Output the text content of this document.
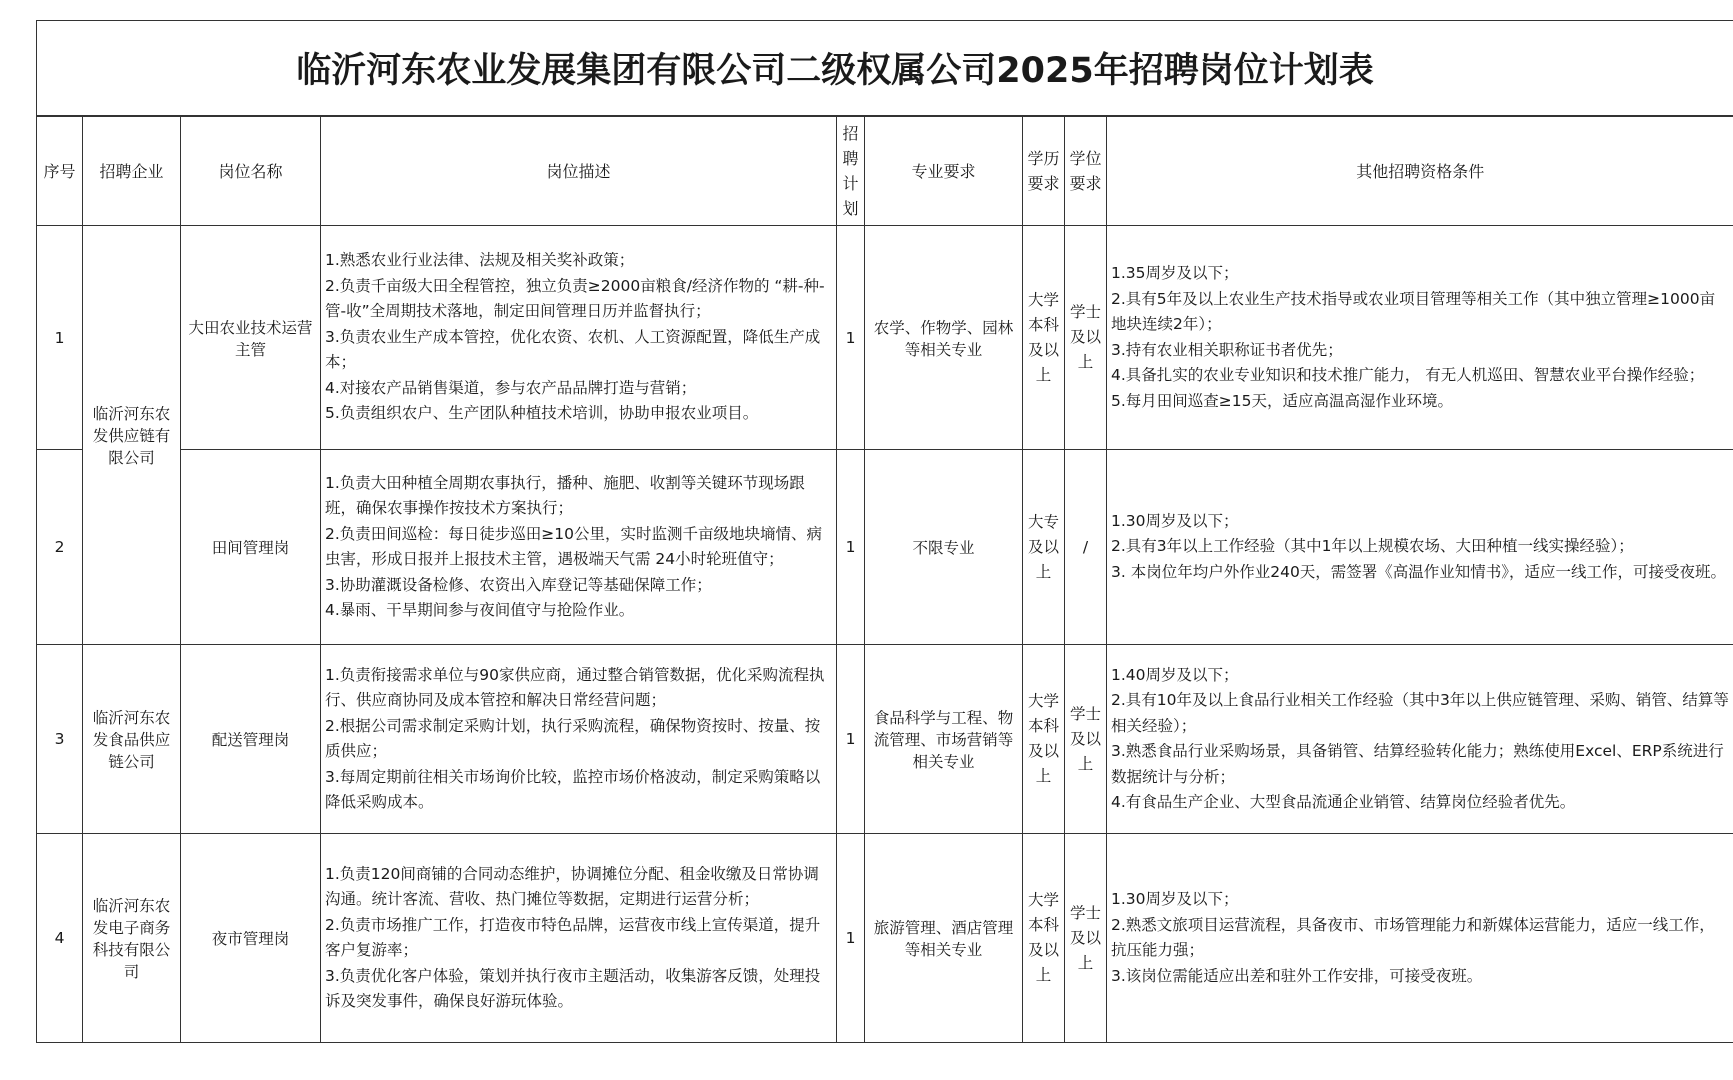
临沂河东农业发展集团有限公司二级权属公司2025年招聘岗位计划表
序号	招聘企业	岗位名称	岗位描述	招聘计划	专业要求	学历要求	学位要求	其他招聘资格条件
1	临沂河东农发供应链有限公司	大田农业技术运营主管	1.熟悉农业行业法律、法规及相关奖补政策；
2.负责千亩级大田全程管控，独立负责≥2000亩粮食/经济作物的 “耕-种-管-收”全周期技术落地，制定田间管理日历并监督执行；
3.负责农业生产成本管控，优化农资、农机、人工资源配置，降低生产成本；
4.对接农产品销售渠道，参与农产品品牌打造与营销；
5.负责组织农户、生产团队种植技术培训，协助申报农业项目。	1	农学、作物学、园林等相关专业	大学本科及以上	学士及以上	1.35周岁及以下；
2.具有5年及以上农业生产技术指导或农业项目管理等相关工作（其中独立管理≥1000亩地块连续2年）；
3.持有农业相关职称证书者优先；
4.具备扎实的农业专业知识和技术推广能力， 有无人机巡田、智慧农业平台操作经验；
5.每月田间巡查≥15天，适应高温高湿作业环境。

2		田间管理岗	1.负责大田种植全周期农事执行，播种、施肥、收割等关键环节现场跟班，确保农事操作按技术方案执行；
2.负责田间巡检：每日徒步巡田≥10公里，实时监测千亩级地块墒情、病虫害，形成日报并上报技术主管，遇极端天气需 24小时轮班值守；
3.协助灌溉设备检修、农资出入库登记等基础保障工作；
4.暴雨、干旱期间参与夜间值守与抢险作业。	1	不限专业	大专及以上	/	1.30周岁及以下；
2.具有3年以上工作经验（其中1年以上规模农场、大田种植一线实操经验）；
3. 本岗位年均户外作业240天，需签署《高温作业知情书》，适应一线工作，可接受夜班。

3	临沂河东农发食品供应链公司	配送管理岗	1.负责衔接需求单位与90家供应商，通过整合销管数据，优化采购流程执行、供应商协同及成本管控和解决日常经营问题；
2.根据公司需求制定采购计划，执行采购流程，确保物资按时、按量、按质供应；
3.每周定期前往相关市场询价比较，监控市场价格波动，制定采购策略以降低采购成本。	1	食品科学与工程、物流管理、市场营销等相关专业	大学本科及以上	学士及以上	1.40周岁及以下；
2.具有10年及以上食品行业相关工作经验（其中3年以上供应链管理、采购、销管、结算等相关经验）；
3.熟悉食品行业采购场景，具备销管、结算经验转化能力；熟练使用Excel、ERP系统进行数据统计与分析；
4.有食品生产企业、大型食品流通企业销管、结算岗位经验者优先。

4	临沂河东农发电子商务科技有限公司	夜市管理岗	1.负责120间商铺的合同动态维护，协调摊位分配、租金收缴及日常协调沟通。统计客流、营收、热门摊位等数据，定期进行运营分析；
2.负责市场推广工作，打造夜市特色品牌，运营夜市线上宣传渠道，提升客户复游率；
3.负责优化客户体验，策划并执行夜市主题活动，收集游客反馈，处理投诉及突发事件，确保良好游玩体验。	1	旅游管理、酒店管理等相关专业	大学本科及以上	学士及以上	1.30周岁及以下；
2.熟悉文旅项目运营流程，具备夜市、市场管理能力和新媒体运营能力，适应一线工作，抗压能力强；
3.该岗位需能适应出差和驻外工作安排，可接受夜班。
